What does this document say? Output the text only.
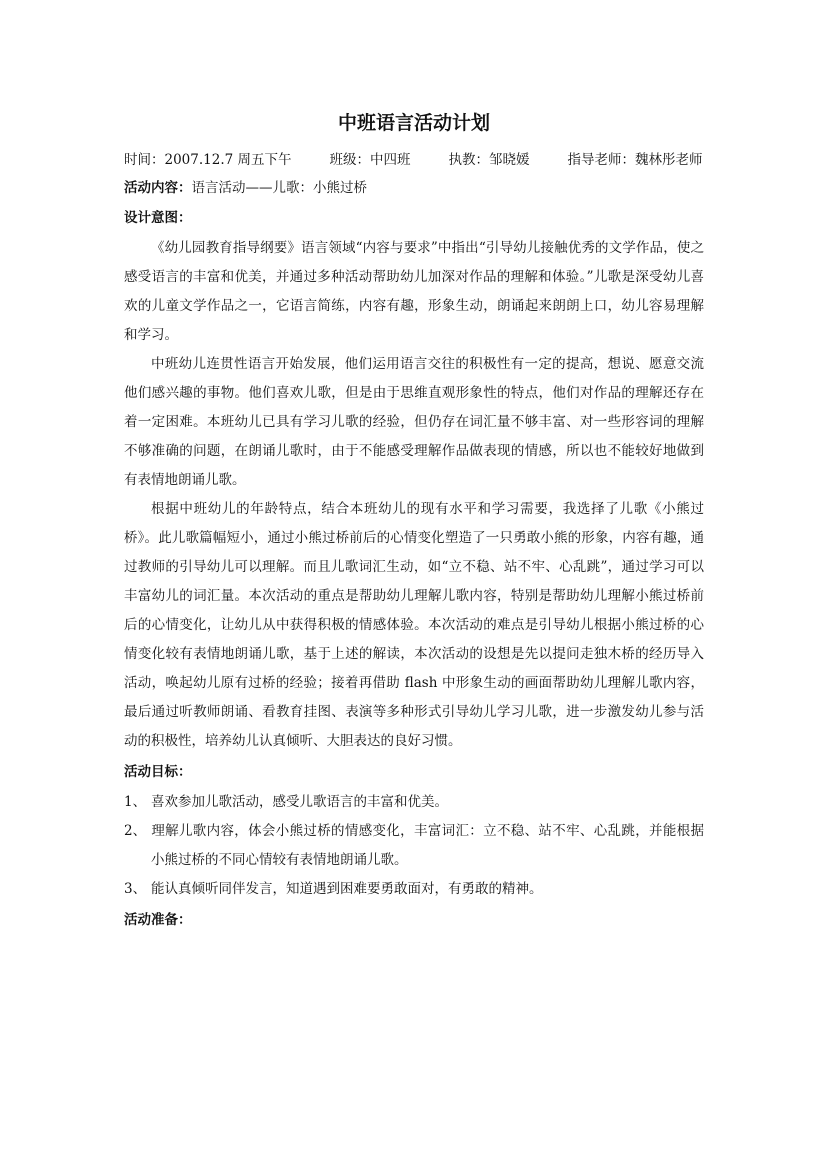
中班语言活动计划
时间：2007.12.7 周五下午	班级：中四班	执教：邹晓媛	指导老师：魏林彤老师
活动内容：语言活动——儿歌：小熊过桥
设计意图：

《幼儿园教育指导纲要》语言领域“内容与要求”中指出“引导幼儿接触优秀的文学作品，使之感受语言的丰富和优美，并通过多种活动帮助幼儿加深对作品的理解和体验。”儿歌是深受幼儿喜欢的儿童文学作品之一，它语言简练，内容有趣，形象生动，朗诵起来朗朗上口，幼儿容易理解和学习。

中班幼儿连贯性语言开始发展，他们运用语言交往的积极性有一定的提高，想说、愿意交流他们感兴趣的事物。他们喜欢儿歌，但是由于思维直观形象性的特点，他们对作品的理解还存在着一定困难。本班幼儿已具有学习儿歌的经验，但仍存在词汇量不够丰富、对一些形容词的理解不够准确的问题，在朗诵儿歌时，由于不能感受理解作品做表现的情感，所以也不能较好地做到有表情地朗诵儿歌。

根据中班幼儿的年龄特点，结合本班幼儿的现有水平和学习需要，我选择了儿歌《小熊过桥》。此儿歌篇幅短小，通过小熊过桥前后的心情变化塑造了一只勇敢小熊的形象，内容有趣，通过教师的引导幼儿可以理解。而且儿歌词汇生动，如“立不稳、站不牢、心乱跳”，通过学习可以丰富幼儿的词汇量。本次活动的重点是帮助幼儿理解儿歌内容，特别是帮助幼儿理解小熊过桥前后的心情变化，让幼儿从中获得积极的情感体验。本次活动的难点是引导幼儿根据小熊过桥的心情变化较有表情地朗诵儿歌，基于上述的解读，本次活动的设想是先以提问走独木桥的经历导入活动，唤起幼儿原有过桥的经验；接着再借助 flash 中形象生动的画面帮助幼儿理解儿歌内容，最后通过听教师朗诵、看教育挂图、表演等多种形式引导幼儿学习儿歌，进一步激发幼儿参与活动的积极性，培养幼儿认真倾听、大胆表达的良好习惯。

活动目标：
1、 喜欢参加儿歌活动，感受儿歌语言的丰富和优美。
2、 理解儿歌内容，体会小熊过桥的情感变化，丰富词汇：立不稳、站不牢、心乱跳，并能根据小熊过桥的不同心情较有表情地朗诵儿歌。
3、 能认真倾听同伴发言，知道遇到困难要勇敢面对，有勇敢的精神。
活动准备：
